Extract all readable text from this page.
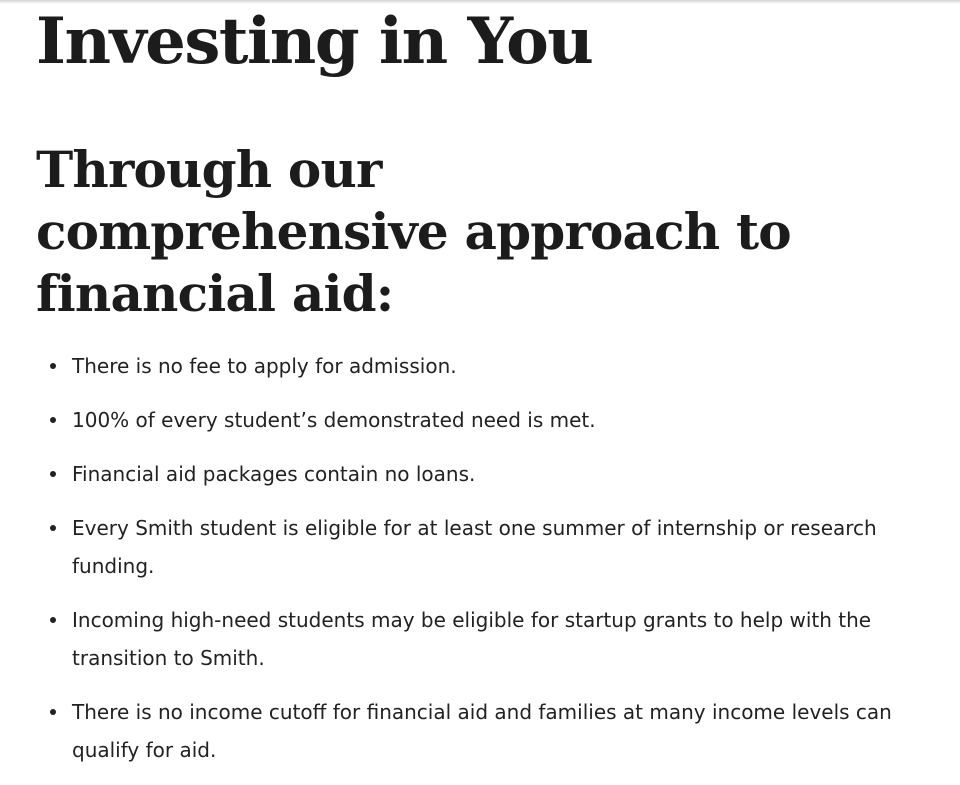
Investing in You
Through our comprehensive approach to financial aid:
There is no fee to apply for admission.
100% of every student’s demonstrated need is met.
Financial aid packages contain no loans.
Every Smith student is eligible for at least one summer of internship or research funding.
Incoming high-need students may be eligible for startup grants to help with the transition to Smith.
There is no income cutoff for financial aid and families at many income levels can qualify for aid.
